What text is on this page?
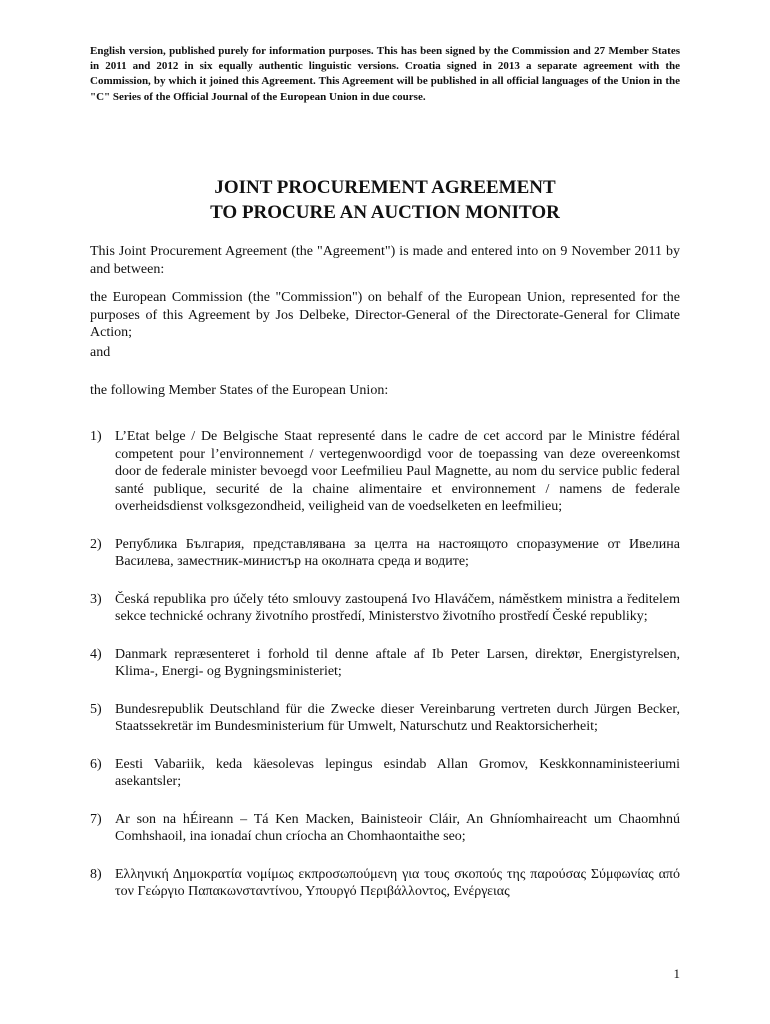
English version, published purely for information purposes. This has been signed by the Commission and 27 Member States in 2011 and 2012 in six equally authentic linguistic versions. Croatia signed in 2013 a separate agreement with the Commission, by which it joined this Agreement. This Agreement will be published in all official languages of the Union in the "C" Series of the Official Journal of the European Union in due course.

JOINT PROCUREMENT AGREEMENT
TO PROCURE AN AUCTION MONITOR

This Joint Procurement Agreement (the "Agreement") is made and entered into on 9 November 2011 by and between:

the European Commission (the "Commission") on behalf of the European Union, represented for the purposes of this Agreement by Jos Delbeke, Director-General of the Directorate-General for Climate Action;

and

the following Member States of the European Union:

1) L’Etat belge / De Belgische Staat representé dans le cadre de cet accord par le Ministre fédéral competent pour l’environnement / vertegenwoordigd voor de toepassing van deze overeenkomst door de federale minister bevoegd voor Leefmilieu Paul Magnette, au nom du service public federal santé publique, securité de la chaine alimentaire et environnement / namens de federale overheidsdienst volksgezondheid, veiligheid van de voedselketen en leefmilieu;
2) Република България, представлявана за целта на настоящото споразумение от Ивелина Василева, заместник-министър на околната среда и водите;
3) Česká republika pro účely této smlouvy zastoupená Ivo Hlaváčem, náměstkem ministra a ředitelem sekce technické ochrany životního prostředí, Ministerstvo životního prostředí České republiky;
4) Danmark repræsenteret i forhold til denne aftale af Ib Peter Larsen, direktør, Energistyrelsen, Klima-, Energi- og Bygningsministeriet;
5) Bundesrepublik Deutschland für die Zwecke dieser Vereinbarung vertreten durch Jürgen Becker, Staatssekretär im Bundesministerium für Umwelt, Naturschutz und Reaktorsicherheit;
6) Eesti Vabariik, keda käesolevas lepingus esindab Allan Gromov, Keskkonnaministeeriumi asekantsler;
7) Ar son na hÉireann – Tá Ken Macken, Bainisteoir Cláir, An Ghníomhaireacht um Chaomhnú Comhshaoil, ina ionadaí chun críocha an Chomhaontaithe seo;
8) Ελληνική Δημοκρατία νομίμως εκπροσωπούμενη για τους σκοπούς της παρούσας Σύμφωνίας από τον Γεώργιο Παπακωνσταντίνου, Υπουργό Περιβάλλοντος, Ενέργειας
1
